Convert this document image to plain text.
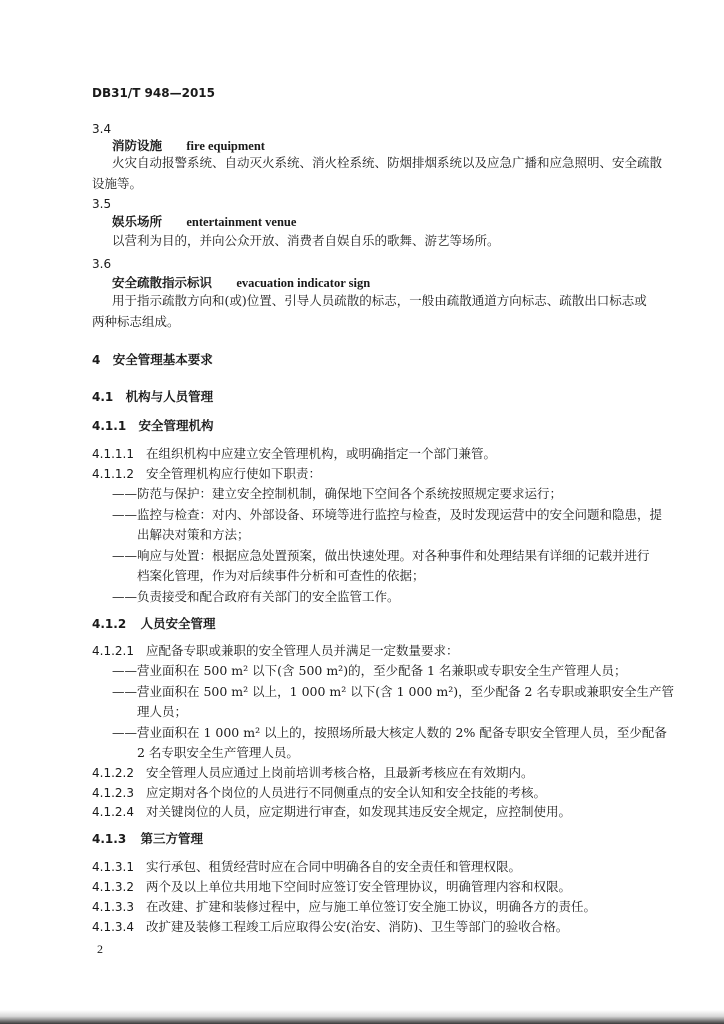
DB31/T 948—2015
3.4
消防设施 fire equipment
火灾自动报警系统、自动灭火系统、消火栓系统、防烟排烟系统以及应急广播和应急照明、安全疏散
设施等。
3.5
娱乐场所 entertainment venue
以营利为目的，并向公众开放、消费者自娱自乐的歌舞、游艺等场所。
3.6
安全疏散指示标识 evacuation indicator sign
用于指示疏散方向和(或)位置、引导人员疏散的标志，一般由疏散通道方向标志、疏散出口标志或
两种标志组成。
4 安全管理基本要求
4.1 机构与人员管理
4.1.1 安全管理机构
4.1.1.1 在组织机构中应建立安全管理机构，或明确指定一个部门兼管。
4.1.1.2 安全管理机构应行使如下职责：
——防范与保护：建立安全控制机制，确保地下空间各个系统按照规定要求运行；
——监控与检查：对内、外部设备、环境等进行监控与检查，及时发现运营中的安全问题和隐患，提
出解决对策和方法；
——响应与处置：根据应急处置预案，做出快速处理。对各种事件和处理结果有详细的记载并进行
档案化管理，作为对后续事件分析和可查性的依据；
——负责接受和配合政府有关部门的安全监管工作。
4.1.2 人员安全管理
4.1.2.1 应配备专职或兼职的安全管理人员并满足一定数量要求：
——营业面积在 500 m² 以下(含 500 m²)的，至少配备 1 名兼职或专职安全生产管理人员；
——营业面积在 500 m² 以上，1 000 m² 以下(含 1 000 m²)，至少配备 2 名专职或兼职安全生产管
理人员；
——营业面积在 1 000 m² 以上的，按照场所最大核定人数的 2% 配备专职安全管理人员，至少配备
2 名专职安全生产管理人员。
4.1.2.2 安全管理人员应通过上岗前培训考核合格，且最新考核应在有效期内。
4.1.2.3 应定期对各个岗位的人员进行不同侧重点的安全认知和安全技能的考核。
4.1.2.4 对关键岗位的人员，应定期进行审查，如发现其违反安全规定，应控制使用。
4.1.3 第三方管理
4.1.3.1 实行承包、租赁经营时应在合同中明确各自的安全责任和管理权限。
4.1.3.2 两个及以上单位共用地下空间时应签订安全管理协议，明确管理内容和权限。
4.1.3.3 在改建、扩建和装修过程中，应与施工单位签订安全施工协议，明确各方的责任。
4.1.3.4 改扩建及装修工程竣工后应取得公安(治安、消防)、卫生等部门的验收合格。
2
